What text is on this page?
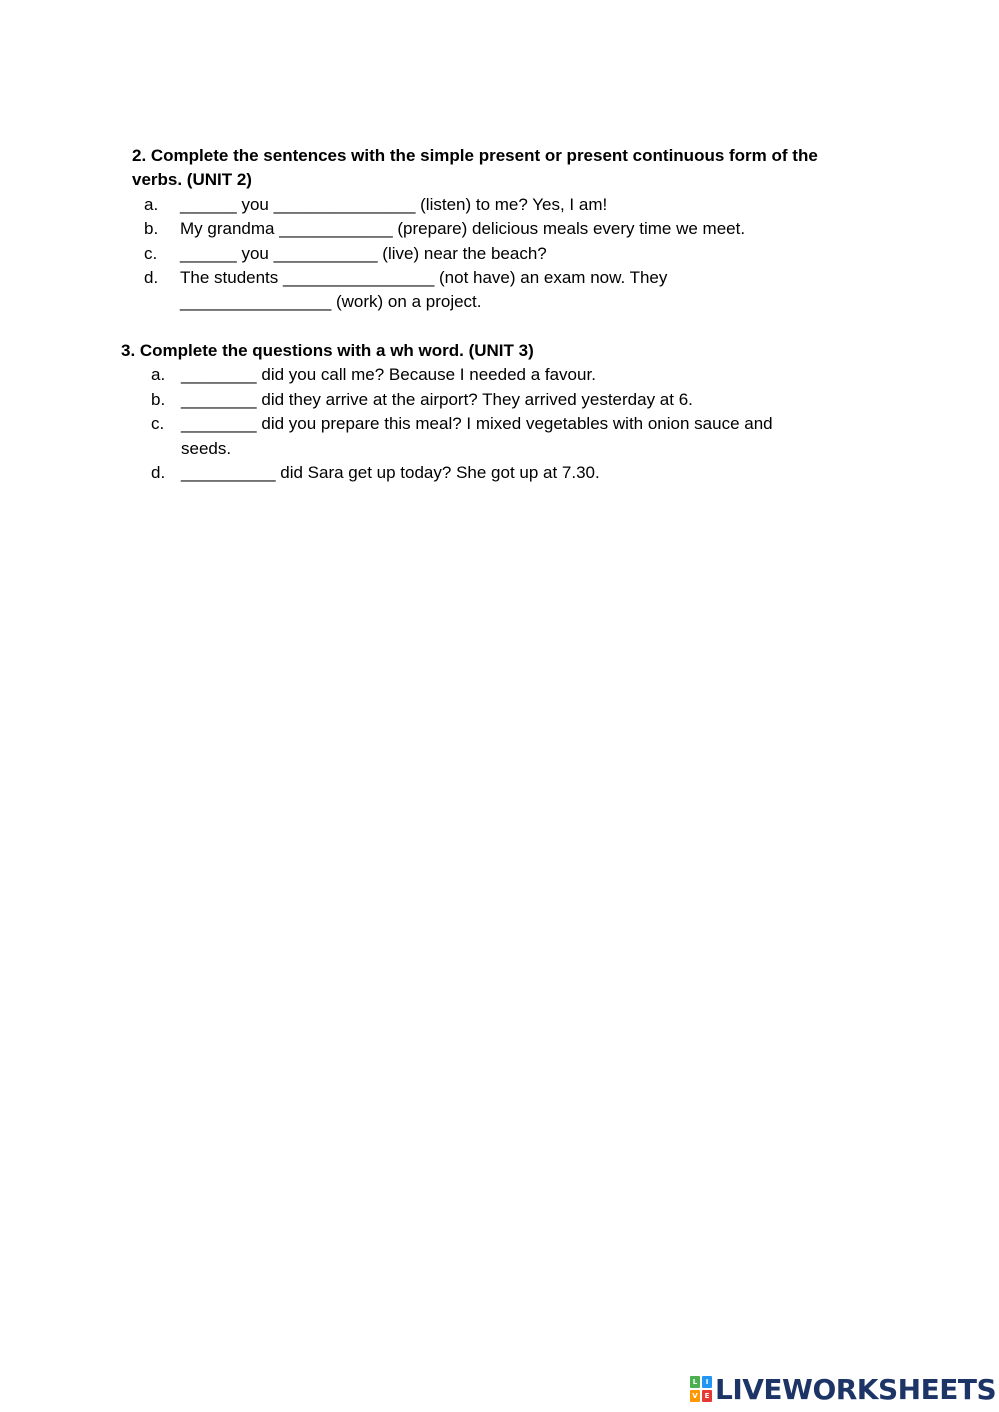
2. Complete the sentences with the simple present or present continuous form of the
verbs. (UNIT 2)
a. ______ you _______________ (listen) to me? Yes, I am!
b. My grandma ____________ (prepare) delicious meals every time we meet.
c. ______ you ___________ (live) near the beach?
d. The students ________________ (not have) an exam now. They
________________ (work) on a project.
3. Complete the questions with a wh word. (UNIT 3)
a. ________ did you call me? Because I needed a favour.
b. ________ did they arrive at the airport? They arrived yesterday at 6.
c. ________ did you prepare this meal? I mixed vegetables with onion sauce and
seeds.
d. __________ did Sara get up today? She got up at 7.30.
L	I
V E LIVEWORKSHEETS
